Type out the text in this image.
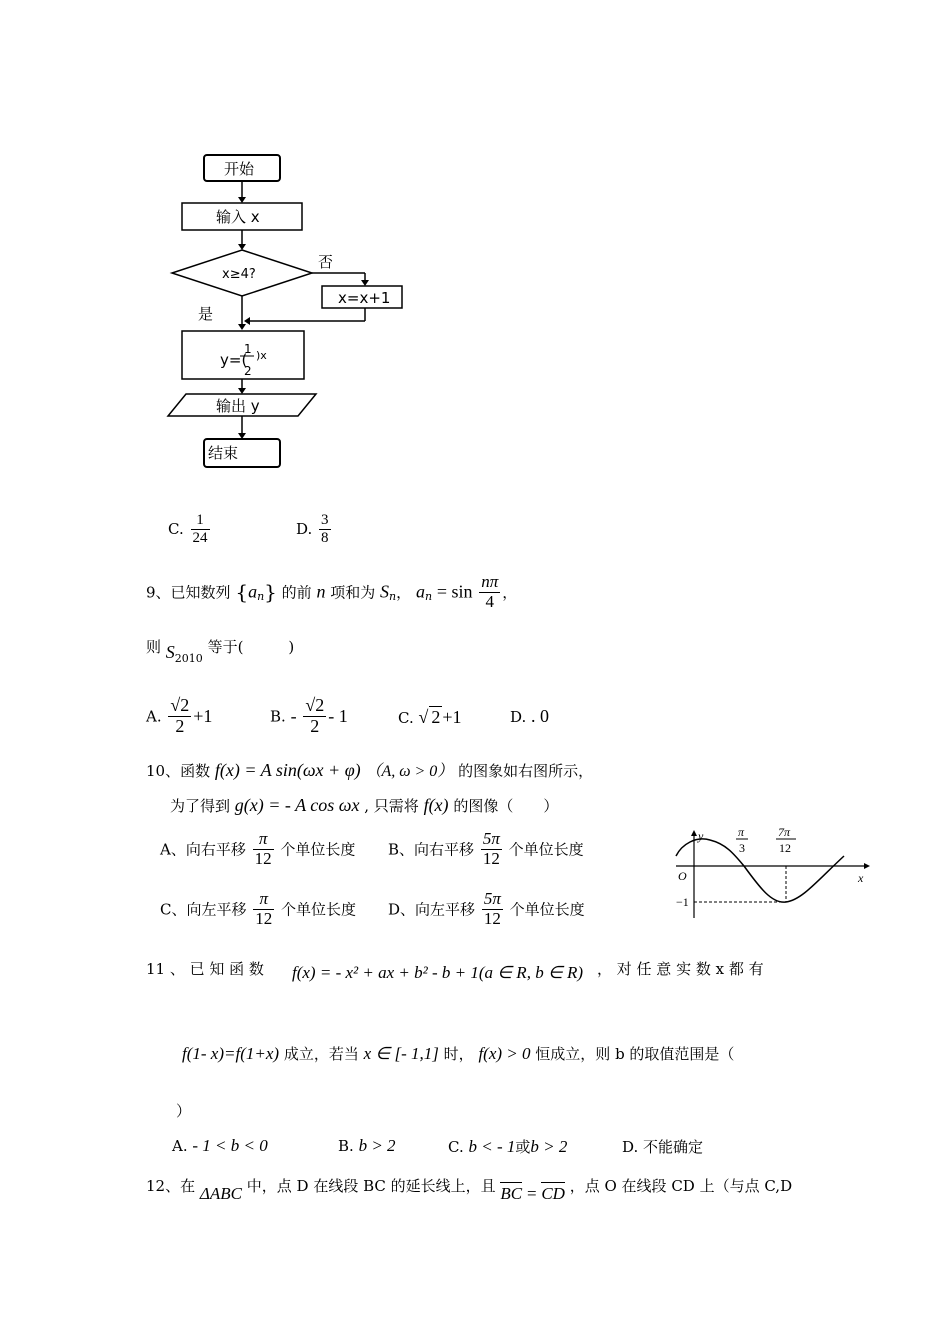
开始
输入 x
x≥4?
否
x=x+1
是
y=(
1
2
)x
输出 y
结束
C. $\frac{1}{24}$	D. $\frac{3}{8}$
9、已知数列 $\{a_n\}$ 的前 n 项和为 $S_n$， $a_n = \sin \frac{n\pi}{4}$ ，
则 $S_{2010}$ 等于(　　　)
A. $\frac{√2}{2} +1$	B. - $\frac{√2}{2} - 1$	C. √ 2 +1	D. . 0
10、函数 f(x) = A sin(ωx + φ) （A, ω > 0） 的图象如右图所示，
为了得到 g(x) = - A cos ωx , 只需将 f(x) 的图像（　　）
A、向右平移 $\frac{\pi}{12}$ 个单位长度 B、向右平移 $\frac{5\pi}{12}$ 个单位长度
C、向左平移 $\frac{\pi}{12}$ 个单位长度 D、向左平移 $\frac{5\pi}{12}$ 个单位长度
y
x
O
−1
π
3
7π
12
11 、 已 知 函 数 f(x) = - x² + ax + b² - b + 1(a ∈ R, b ∈ R) ， 对 任 意 实 数 x 都 有
f(1- x)=f(1+x) 成立，若当 x ∈ [- 1,1] 时， f(x) > 0 恒成立，则 b 的取值范围是（
）
A. - 1 < b < 0	B. b > 2	C. b < - 1或b > 2	D. 不能确定
12、在 ΔABC 中，点 D 在线段 BC 的延长线上，且 BC = CD ，点 O 在线段 CD 上（与点 C,D
